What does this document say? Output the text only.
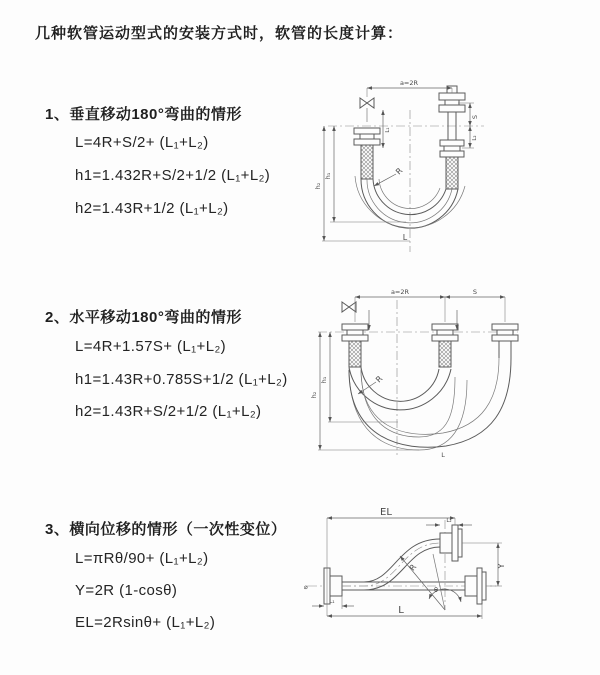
几种软管运动型式的安装方式时，软管的长度计算：
1、垂直移动180°弯曲的情形
L=4R+S/2+ (L₁+L₂)
h1=1.432R+S/2+1/2 (L₁+L₂)
h2=1.43R+1/2 (L₁+L₂)
a=2R
S
L₂
L₁
h₁
h₂
R
L
2、水平移动180°弯曲的情形
L=4R+1.57S+ (L₁+L₂)
h1=1.43R+0.785S+1/2 (L₁+L₂)
h2=1.43R+S/2+1/2 (L₁+L₂)
a=2R	S
h₁
h₂
R
L
3、横向位移的情形（一次性变位）
L=πRθ/90+ (L₁+L₂)
Y=2R (1-cosθ)
EL=2Rsinθ+ (L₁+L₂)
⌀
R
θ
EL
L₂
Y
L
L₁
